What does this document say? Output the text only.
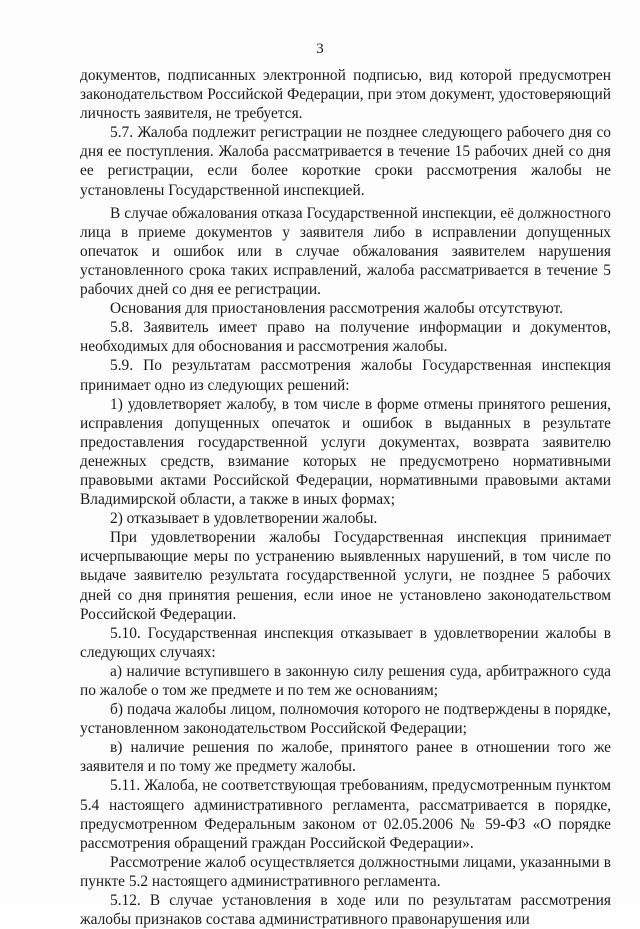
3

документов, подписанных электронной подписью, вид которой предусмотрен законодательством Российской Федерации, при этом документ, удостоверяющий личность заявителя, не требуется.

5.7. Жалоба подлежит регистрации не позднее следующего рабочего дня со дня ее поступления. Жалоба рассматривается в течение 15 рабочих дней со дня ее регистрации, если более короткие сроки рассмотрения жалобы не установлены Государственной инспекцией.

В случае обжалования отказа Государственной инспекции, её должностного лица в приеме документов у заявителя либо в исправлении допущенных опечаток и ошибок или в случае обжалования заявителем нарушения установленного срока таких исправлений, жалоба рассматривается в течение 5 рабочих дней со дня ее регистрации.

Основания для приостановления рассмотрения жалобы отсутствуют.

5.8. Заявитель имеет право на получение информации и документов, необходимых для обоснования и рассмотрения жалобы.

5.9. По результатам рассмотрения жалобы Государственная инспекция принимает одно из следующих решений:

1) удовлетворяет жалобу, в том числе в форме отмены принятого решения, исправления допущенных опечаток и ошибок в выданных в результате предоставления государственной услуги документах, возврата заявителю денежных средств, взимание которых не предусмотрено нормативными правовыми актами Российской Федерации, нормативными правовыми актами Владимирской области, а также в иных формах;

2) отказывает в удовлетворении жалобы.

При удовлетворении жалобы Государственная инспекция принимает исчерпывающие меры по устранению выявленных нарушений, в том числе по выдаче заявителю результата государственной услуги, не позднее 5 рабочих дней со дня принятия решения, если иное не установлено законодательством Российской Федерации.

5.10. Государственная инспекция отказывает в удовлетворении жалобы в следующих случаях:

а) наличие вступившего в законную силу решения суда, арбитражного суда по жалобе о том же предмете и по тем же основаниям;

б) подача жалобы лицом, полномочия которого не подтверждены в порядке, установленном законодательством Российской Федерации;

в) наличие решения по жалобе, принятого ранее в отношении того же заявителя и по тому же предмету жалобы.

5.11. Жалоба, не соответствующая требованиям, предусмотренным пунктом 5.4 настоящего административного регламента, рассматривается в порядке, предусмотренном Федеральным законом от 02.05.2006 № 59-ФЗ «О порядке рассмотрения обращений граждан Российской Федерации».

Рассмотрение жалоб осуществляется должностными лицами, указанными в пункте 5.2 настоящего административного регламента.

5.12. В случае установления в ходе или по результатам рассмотрения жалобы признаков состава административного правонарушения или
